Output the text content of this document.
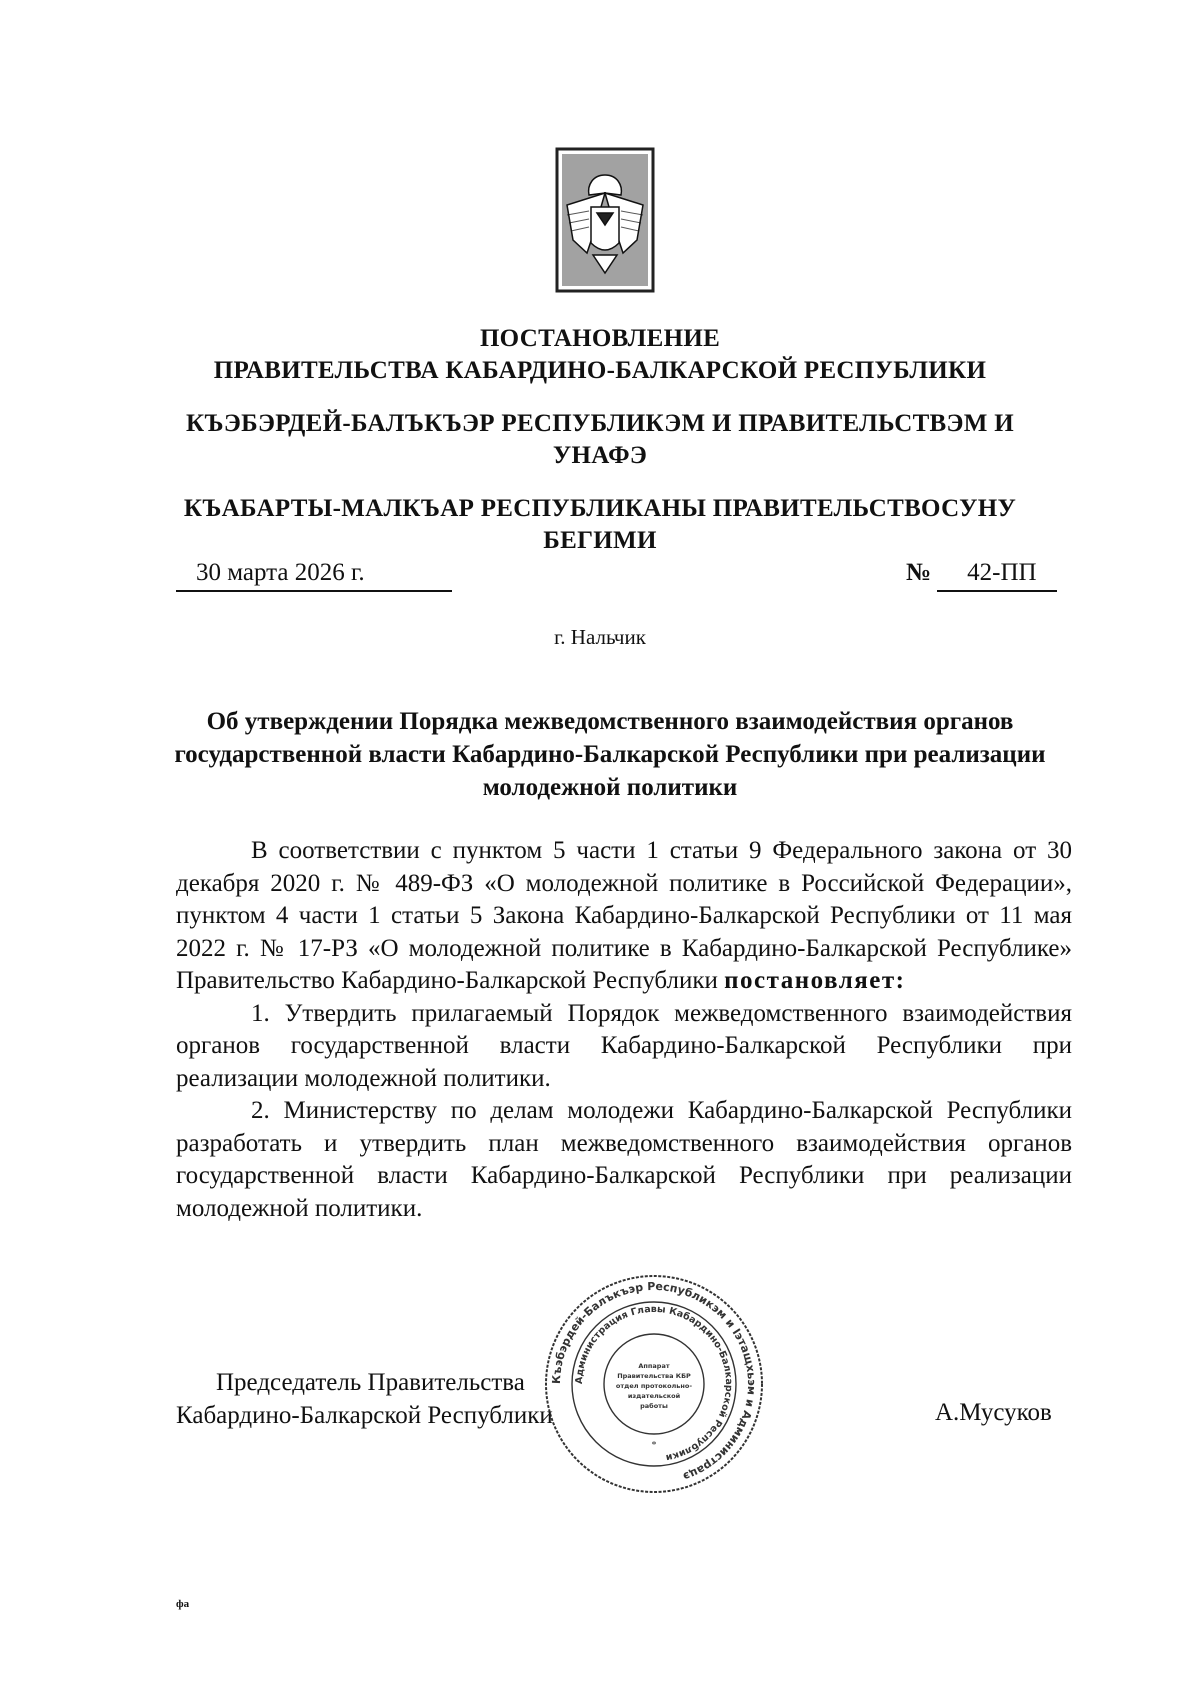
ПОСТАНОВЛЕНИЕ
ПРАВИТЕЛЬСТВА КАБАРДИНО-БАЛКАРСКОЙ РЕСПУБЛИКИ
КЪЭБЭРДЕЙ-БАЛЪКЪЭР РЕСПУБЛИКЭМ И ПРАВИТЕЛЬСТВЭМ И УНАФЭ
КЪАБАРТЫ-МАЛКЪАР РЕСПУБЛИКАНЫ ПРАВИТЕЛЬСТВОСУНУ БЕГИМИ
30 марта 2026 г.	№	42-ПП
г. Нальчик
Об утверждении Порядка межведомственного взаимодействия органов государственной власти Кабардино-Балкарской Республики при реализации молодежной политики

В соответствии с пунктом 5 части 1 статьи 9 Федерального закона от 30 декабря 2020 г. № 489-ФЗ «О молодежной политике в Российской Федерации», пунктом 4 части 1 статьи 5 Закона Кабардино-Балкарской Республики от 11 мая 2022 г. № 17-РЗ «О молодежной политике в Кабардино-Балкарской Республике» Правительство Кабардино-Балкарской Республики постановляет:

1. Утвердить прилагаемый Порядок межведомственного взаимодействия органов государственной власти Кабардино-Балкарской Республики при реализации молодежной политики.

2. Министерству по делам молодежи Кабардино-Балкарской Республики разработать и утвердить план межведомственного взаимодействия органов государственной власти Кабардино-Балкарской Республики при реализации молодежной политики.

Председатель Правительства
Кабардино-Балкарской Республики	А.Мусуков
Къэбэрдей-Балъкъэр Республикэм и Іэтащхьэм и Администрацэ
Администрация Главы Кабардино-Балкарской Республики
Аппарат
Правительства КБР
отдел протокольно-
издательской
работы
*
фа
